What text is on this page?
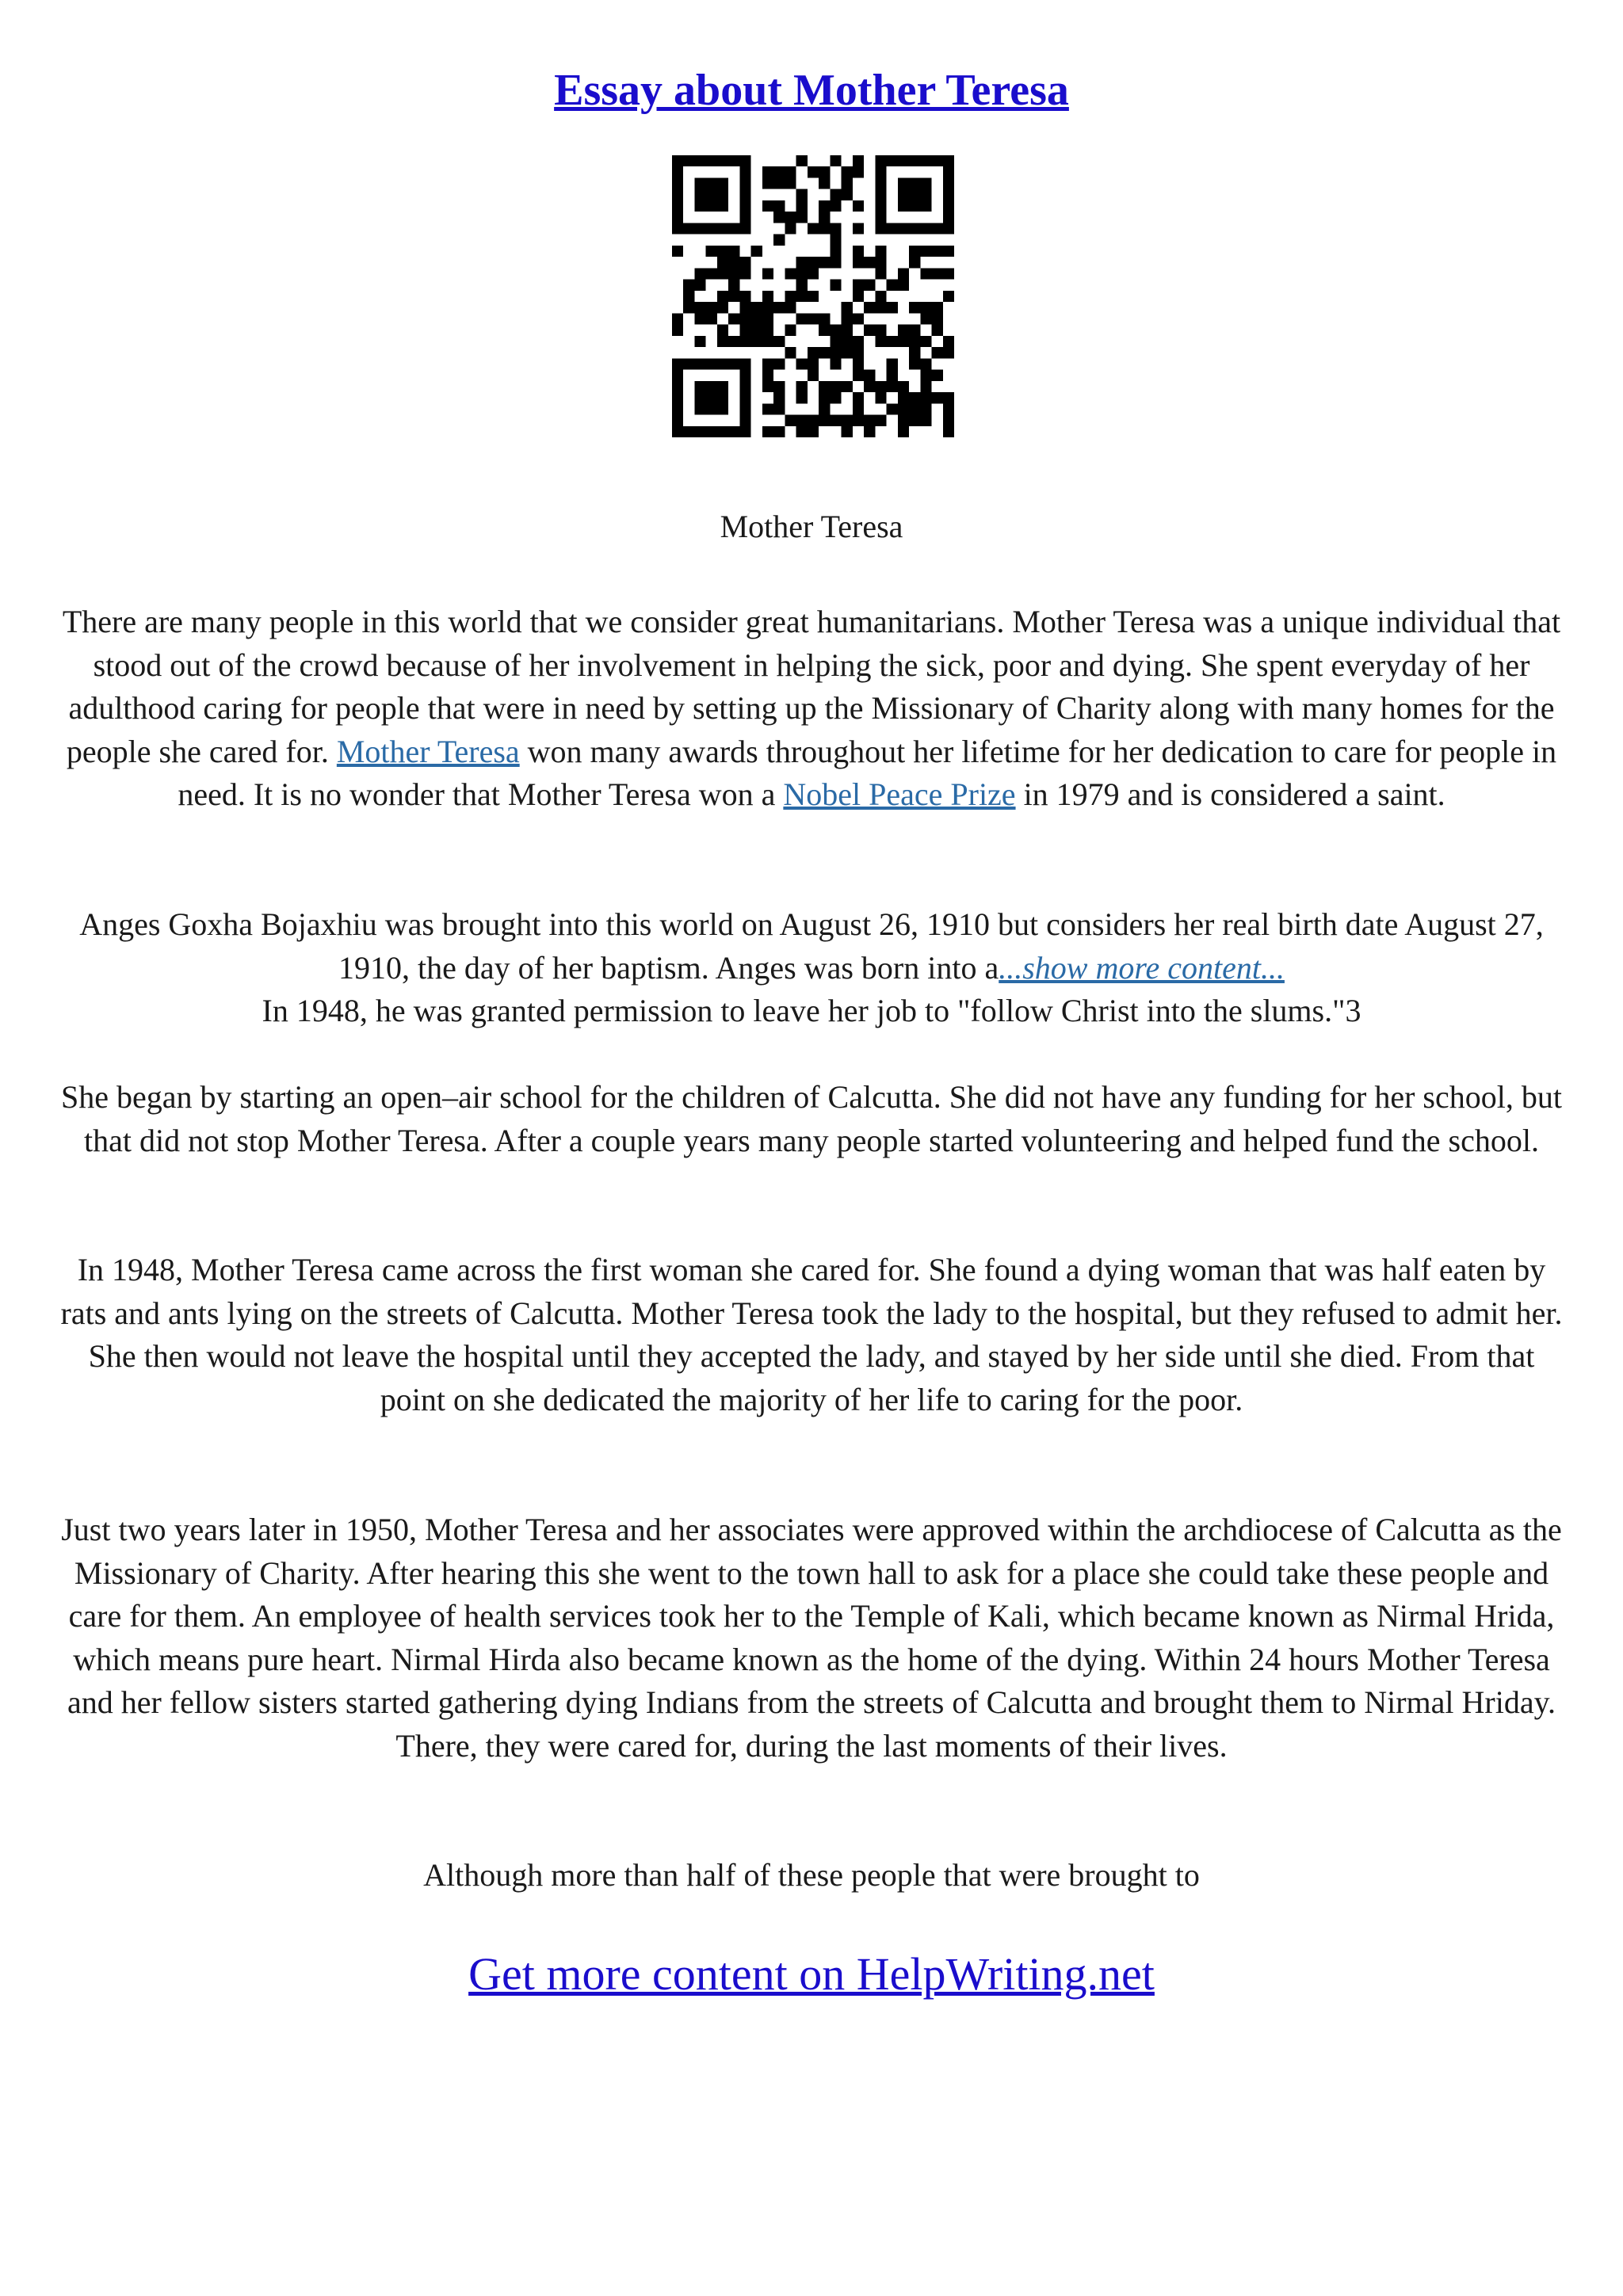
Essay about Mother Teresa
Mother Teresa

There are many people in this world that we consider great humanitarians. Mother Teresa was a unique individual that stood out of the crowd because of her involvement in helping the sick, poor and dying. She spent everyday of her adulthood caring for people that were in need by setting up the Missionary of Charity along with many homes for the people she cared for. Mother Teresa won many awards throughout her lifetime for her dedication to care for people in need. It is no wonder that Mother Teresa won a Nobel Peace Prize in 1979 and is considered a saint.

Anges Goxha Bojaxhiu was brought into this world on August 26, 1910 but considers her real birth date August 27, 1910, the day of her baptism. Anges was born into a...show more content...

In 1948, he was granted permission to leave her job to "follow Christ into the slums."3

She began by starting an open–air school for the children of Calcutta. She did not have any funding for her school, but that did not stop Mother Teresa. After a couple years many people started volunteering and helped fund the school.

In 1948, Mother Teresa came across the first woman she cared for. She found a dying woman that was half eaten by rats and ants lying on the streets of Calcutta. Mother Teresa took the lady to the hospital, but they refused to admit her. She then would not leave the hospital until they accepted the lady, and stayed by her side until she died. From that point on she dedicated the majority of her life to caring for the poor.

Just two years later in 1950, Mother Teresa and her associates were approved within the archdiocese of Calcutta as the Missionary of Charity. After hearing this she went to the town hall to ask for a place she could take these people and care for them. An employee of health services took her to the Temple of Kali, which became known as Nirmal Hrida, which means pure heart. Nirmal Hirda also became known as the home of the dying. Within 24 hours Mother Teresa and her fellow sisters started gathering dying Indians from the streets of Calcutta and brought them to Nirmal Hriday. There, they were cared for, during the last moments of their lives.

Although more than half of these people that were brought to

Get more content on HelpWriting.net
